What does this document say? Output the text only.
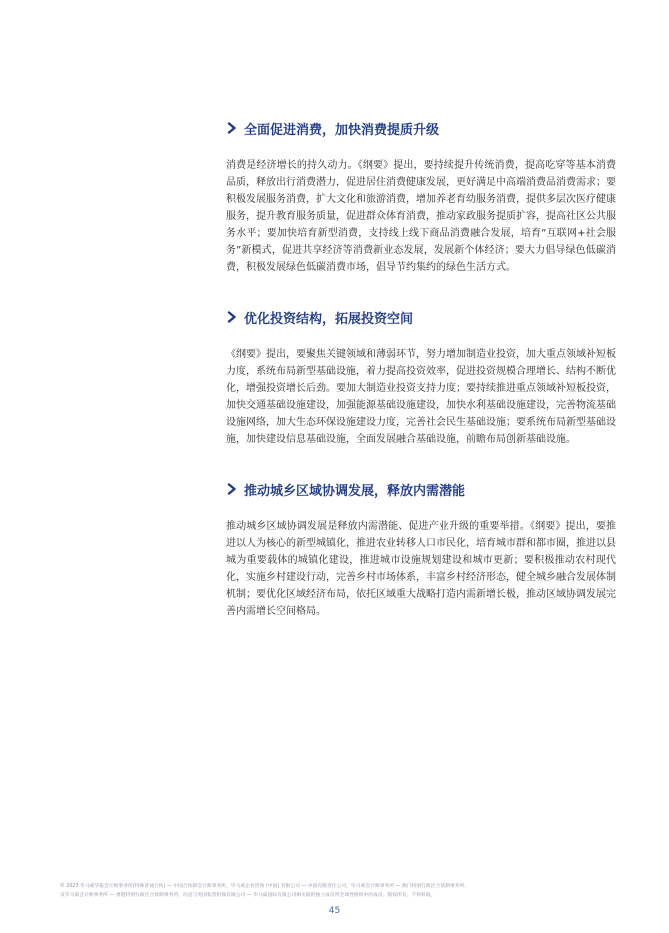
全面促进消费，加快消费提质升级

消费是经济增长的持久动力。《纲要》提出，要持续提升传统消费，提高吃穿等基本消费品质，释放出行消费潜力，促进居住消费健康发展，更好满足中高端消费品消费需求；要积极发展服务消费，扩大文化和旅游消费，增加养老育幼服务消费，提供多层次医疗健康服务，提升教育服务质量，促进群众体育消费，推动家政服务提质扩容，提高社区公共服务水平；要加快培育新型消费，支持线上线下商品消费融合发展，培育“互联网+社会服务”新模式，促进共享经济等消费新业态发展，发展新个体经济；要大力倡导绿色低碳消费，积极发展绿色低碳消费市场，倡导节约集约的绿色生活方式。

优化投资结构，拓展投资空间

《纲要》提出，要聚焦关键领域和薄弱环节，努力增加制造业投资，加大重点领域补短板力度，系统布局新型基础设施，着力提高投资效率，促进投资规模合理增长、结构不断优化，增强投资增长后劲。要加大制造业投资支持力度；要持续推进重点领域补短板投资，加快交通基础设施建设，加强能源基础设施建设，加快水利基础设施建设，完善物流基础设施网络，加大生态环保设施建设力度，完善社会民生基础设施；要系统布局新型基础设施，加快建设信息基础设施，全面发展融合基础设施，前瞻布局创新基础设施。

推动城乡区域协调发展，释放内需潜能

推动城乡区域协调发展是释放内需潜能、促进产业升级的重要举措。《纲要》提出，要推进以人为核心的新型城镇化，推进农业转移人口市民化，培育城市群和都市圈，推进以县城为重要载体的城镇化建设，推进城市设施规划建设和城市更新；要积极推动农村现代化，实施乡村建设行动，完善乡村市场体系，丰富乡村经济形态，健全城乡融合发展体制机制；要优化区域经济布局，依托区域重大战略打造内需新增长极，推动区域协调发展完善内需增长空间格局。

© 2023 毕马威华振会计师事务所(特殊普通合伙) — 中国合伙制会计师事务所，毕马威企业咨询 (中国) 有限公司 — 中国有限责任公司，毕马威会计师事务所 — 澳门特别行政区合伙制事务所，
及毕马威会计师事务所 — 香港特别行政区合伙制事务所，均是与英国私营担保有限公司 — 毕马威国际有限公司相关联的独立成员所全球性组织中的成员。版权所有，不得转载。
45
